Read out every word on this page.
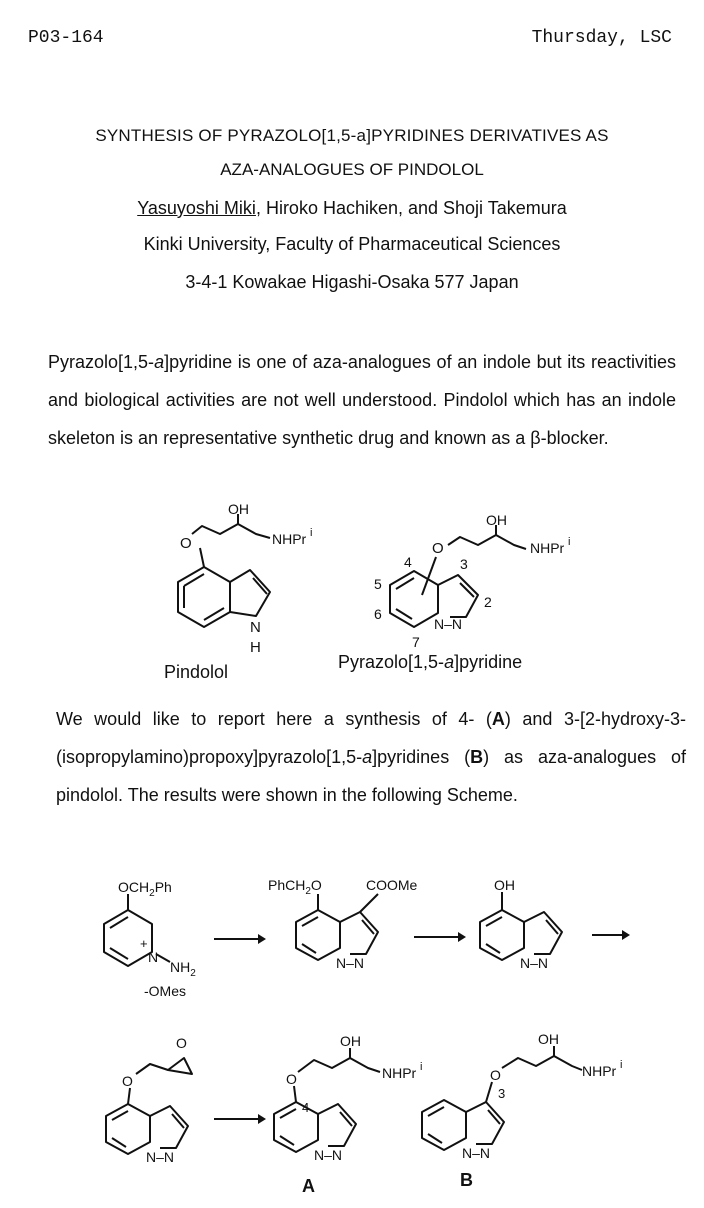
P03-164	Thursday, LSC
SYNTHESIS OF PYRAZOLO[1,5-a]PYRIDINES DERIVATIVES AS
AZA-ANALOGUES OF PINDOLOL
Yasuyoshi Miki, Hiroko Hachiken, and Shoji Takemura
Kinki University, Faculty of Pharmaceutical Sciences
3-4-1 Kowakae Higashi-Osaka 577 Japan
Pyrazolo[1,5-a]pyridine is one of aza-analogues of an indole but its reactivities and biological activities are not well understood. Pindolol which has an indole skeleton is an representative synthetic drug and known as a β-blocker.
O
OH
NHPr i
N
H
Pindolol
O
OH
NHPr i
N–N
2
3
4
5
6
7
Pyrazolo[1,5-a]pyridine
We would like to report here a synthesis of 4- (A) and 3-[2-hydroxy-3-(isopropylamino)propoxy]pyrazolo[1,5-a]pyridines (B) as aza-analogues of pindolol. The results were shown in the following Scheme.
$OCH_2Ph$
+
N
$NH_2$
-OMes
PhCH$_2$O	COOMe
N–N
OH
N–N
O
O
N–N
O
OH
NHPr i
4
N–N
O
OH
NHPr i
3
N–N
A	B
